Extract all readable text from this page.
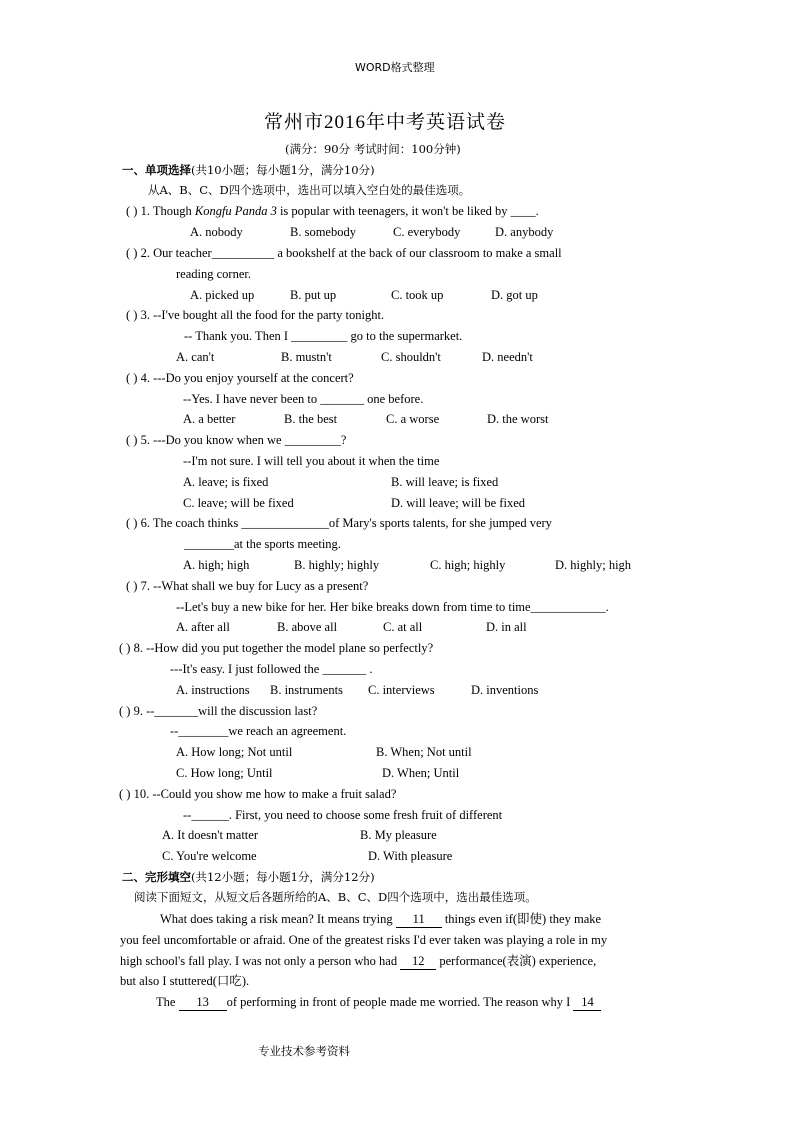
WORD格式整理
常州市2016年中考英语试卷
(满分：90分 考试时间：100分钟)
一、单项选择(共10小题；每小题1分，满分10分)
从A、B、C、D四个选项中，选出可以填入空白处的最佳选项。
( ) 1. Though Kongfu Panda 3 is popular with teenagers, it won't be liked by ____.
A. nobody	B. somebody	C. everybody	D. anybody
( ) 2. Our teacher__________ a bookshelf at the back of our classroom to make a small
reading corner.
A. picked up	B. put up	C. took up	D. got up
( ) 3. --I've bought all the food for the party tonight.
-- Thank you. Then I _________ go to the supermarket.
A. can't	B. mustn't	C. shouldn't	D. needn't
( ) 4. ---Do you enjoy yourself at the concert?
--Yes. I have never been to _______ one before.
A. a better	B. the best	C. a worse	D. the worst
( ) 5. ---Do you know when we _________?
--I'm not sure. I will tell you about it when the time
A. leave; is fixed	B. will leave; is fixed
C. leave; will be fixed	D. will leave; will be fixed
( ) 6. The coach thinks ______________of Mary's sports talents, for she jumped very
________at the sports meeting.
A. high; high	B. highly; highly	C. high; highly	D. highly; high
( ) 7. --What shall we buy for Lucy as a present?
--Let's buy a new bike for her. Her bike breaks down from time to time____________.
A. after all	B. above all	C. at all	D. in all
( ) 8. --How did you put together the model plane so perfectly?
---It's easy. I just followed the _______ .
A. instructions B. instruments C. interviews	D. inventions
( ) 9. --_______will the discussion last?
--________we reach an agreement.
A. How long; Not until	B. When; Not until
C. How long; Until	D. When; Until
( ) 10. --Could you show me how to make a fruit salad?
--______. First, you need to choose some fresh fruit of different
A. It doesn't matter	B. My pleasure
C. You're welcome	D. With pleasure
二、完形填空(共12小题；每小题1分，满分12分)
阅读下面短文，从短文后各题所给的A、B、C、D四个选项中，选出最佳选项。
What does taking a risk mean? It means trying 11 things even if(即使) they make
you feel uncomfortable or afraid. One of the greatest risks I'd ever taken was playing a role in my
high school's fall play. I was not only a person who had 12 performance(表演) experience,
but also I stuttered(口吃).
The 13 of performing in front of people made me worried. The reason why I 14
专业技术参考资料
